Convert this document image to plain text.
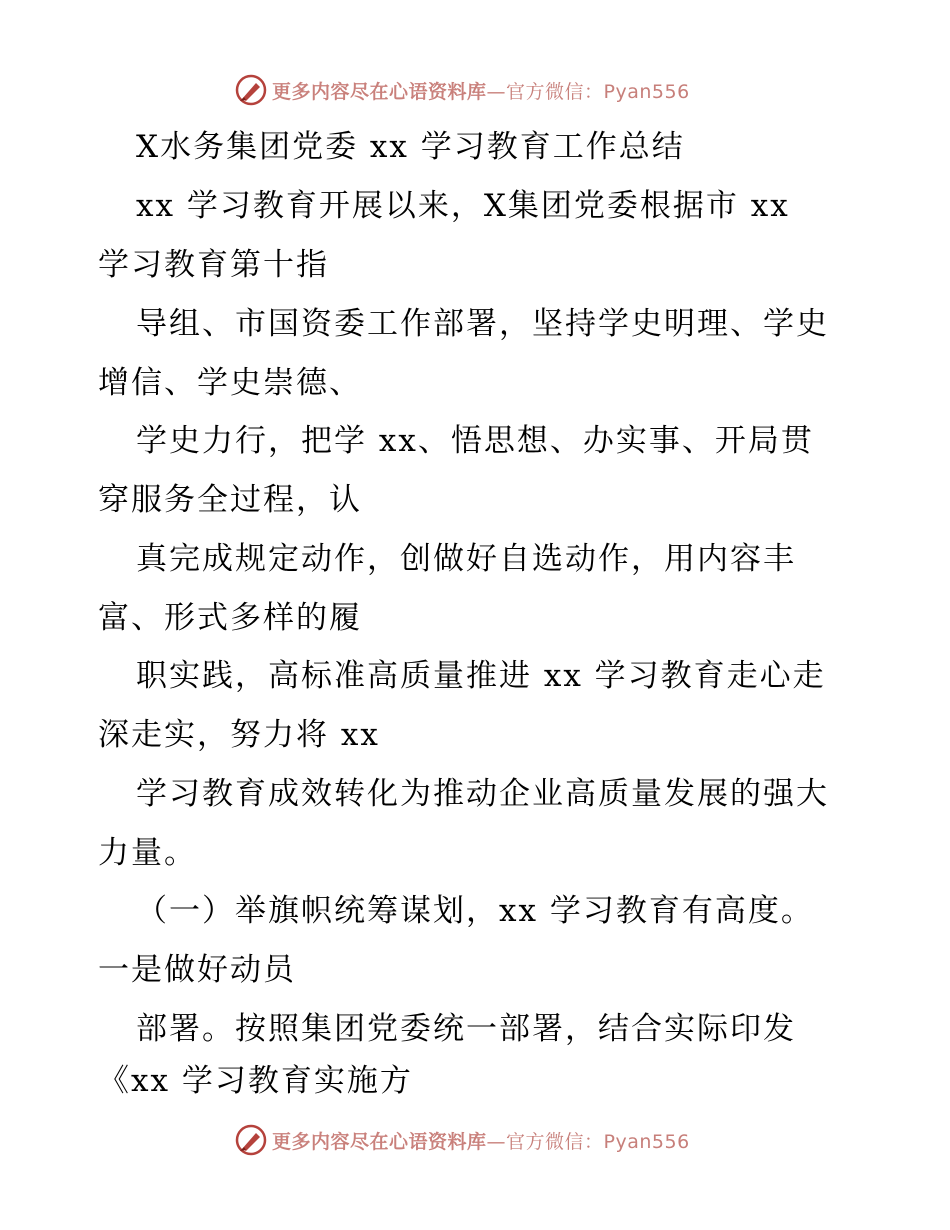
更多内容尽在心语资料库—官方微信：Pyan556
X水务集团党委 xx 学习教育工作总结
xx 学习教育开展以来，X集团党委根据市 xx
学习教育第十指
导组、市国资委工作部署，坚持学史明理、学史
增信、学史崇德、
学史力行，把学 xx、悟思想、办实事、开局贯
穿服务全过程，认
真完成规定动作，创做好自选动作，用内容丰
富、形式多样的履
职实践，高标准高质量推进 xx 学习教育走心走
深走实，努力将 xx
学习教育成效转化为推动企业高质量发展的强大
力量。
（一）举旗帜统筹谋划，xx 学习教育有高度。
一是做好动员
部署。按照集团党委统一部署，结合实际印发
《xx 学习教育实施方
更多内容尽在心语资料库—官方微信：Pyan556
